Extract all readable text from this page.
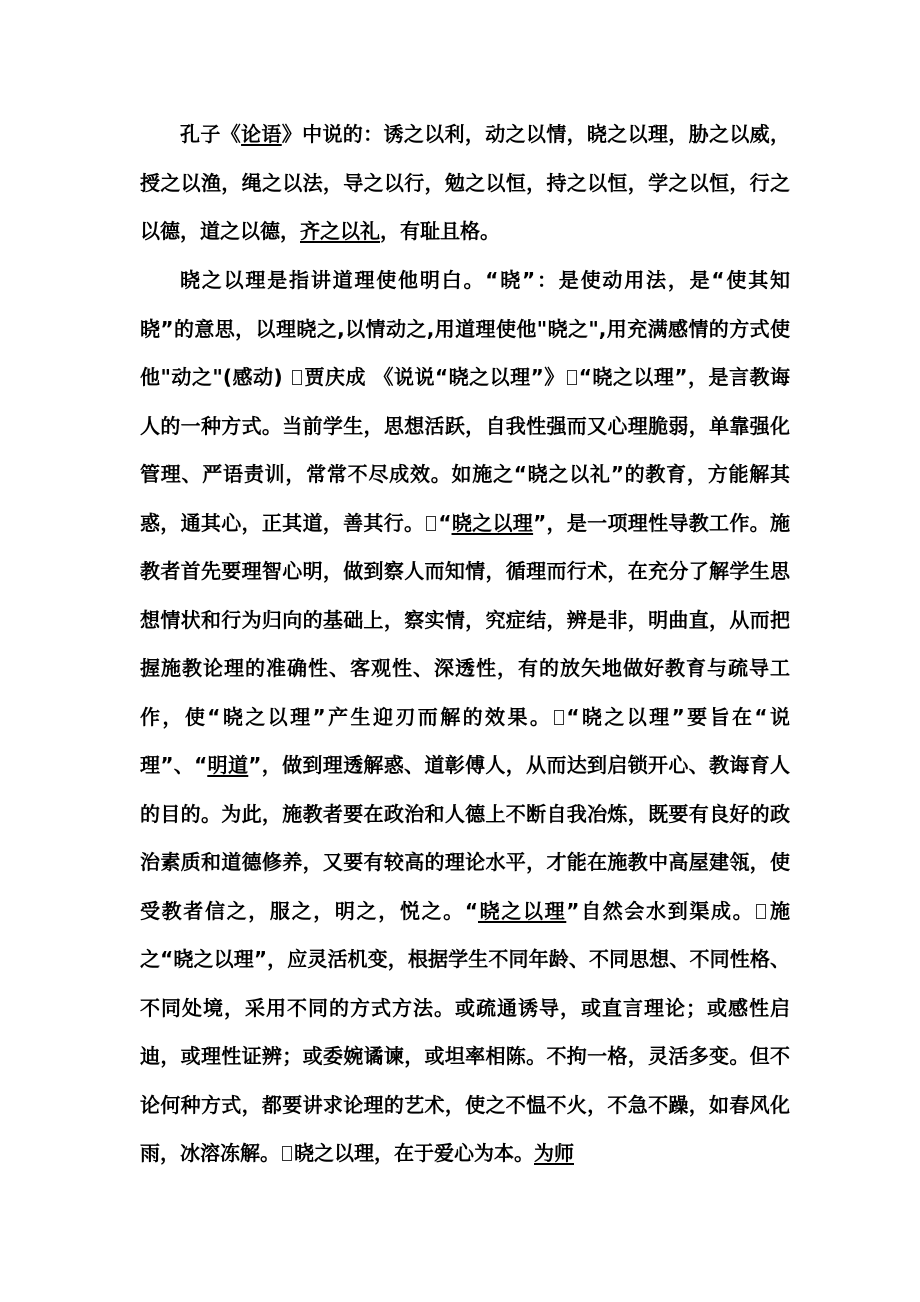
孔子《论语》中说的：诱之以利，动之以情，晓之以理，胁之以威，授之以渔，绳之以法，导之以行，勉之以恒，持之以恒，学之以恒，行之以德，道之以德，齐之以礼，有耻且格。

晓之以理是指讲道理使他明白。“晓”：是使动用法，是“使其知晓”的意思，以理晓之,以情动之,用道理使他"晓之",用充满感情的方式使他"动之"(感动) 贾庆成 《说说“晓之以理”》 “晓之以理”，是言教诲人的一种方式。当前学生，思想活跃，自我性强而又心理脆弱，单靠强化管理、严语责训，常常不尽成效。如施之“晓之以礼”的教育，方能解其惑，通其心，正其道，善其行。 “晓之以理”，是一项理性导教工作。施教者首先要理智心明，做到察人而知情，循理而行术，在充分了解学生思想情状和行为归向的基础上，察实情，究症结，辨是非，明曲直，从而把握施教论理的准确性、客观性、深透性，有的放矢地做好教育与疏导工作，使“晓之以理”产生迎刃而解的效果。 “晓之以理”要旨在“说理”、“明道”，做到理透解惑、道彰傅人，从而达到启锁开心、教诲育人的目的。为此，施教者要在政治和人德上不断自我冶炼，既要有良好的政治素质和道德修养，又要有较高的理论水平，才能在施教中高屋建瓴，使受教者信之，服之，明之，悦之。“晓之以理”自然会水到渠成。 施之“晓之以理”，应灵活机变，根据学生不同年龄、不同思想、不同性格、不同处境，采用不同的方式方法。或疏通诱导，或直言理论；或感性启迪，或理性证辨；或委婉谲谏，或坦率相陈。不拘一格，灵活多变。但不论何种方式，都要讲求论理的艺术，使之不愠不火，不急不躁，如春风化雨，冰溶冻解。 晓之以理，在于爱心为本。为师
